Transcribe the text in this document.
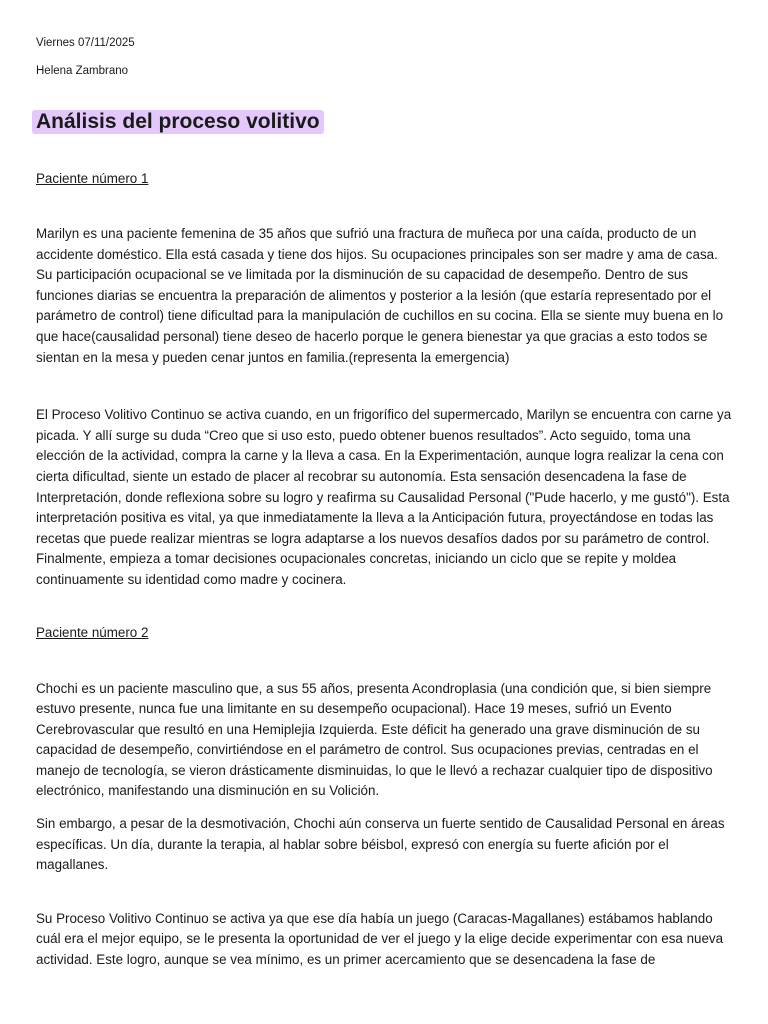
Viernes 07/11/2025

Helena Zambrano

Análisis del proceso volitivo

Paciente número 1

Marilyn es una paciente femenina de 35 años que sufrió una fractura de muñeca por una caída, producto de un accidente doméstico. Ella está casada y tiene dos hijos. Su ocupaciones principales son ser madre y ama de casa. Su participación ocupacional se ve limitada por la disminución de su capacidad de desempeño. Dentro de sus funciones diarias se encuentra la preparación de alimentos y posterior a la lesión (que estaría representado por el parámetro de control) tiene dificultad para la manipulación de cuchillos en su cocina. Ella se siente muy buena en lo que hace(causalidad personal) tiene deseo de hacerlo porque le genera bienestar ya que gracias a esto todos se sientan en la mesa y pueden cenar juntos en familia.(representa la emergencia)

El Proceso Volitivo Continuo se activa cuando, en un frigorífico del supermercado, Marilyn se encuentra con carne ya picada. Y allí surge su duda “Creo que si uso esto, puedo obtener buenos resultados”. Acto seguido, toma una elección de la actividad, compra la carne y la lleva a casa. En la Experimentación, aunque logra realizar la cena con cierta dificultad, siente un estado de placer al recobrar su autonomía. Esta sensación desencadena la fase de Interpretación, donde reflexiona sobre su logro y reafirma su Causalidad Personal ("Pude hacerlo, y me gustó"). Esta interpretación positiva es vital, ya que inmediatamente la lleva a la Anticipación futura, proyectándose en todas las recetas que puede realizar mientras se logra adaptarse a los nuevos desafíos dados por su parámetro de control. Finalmente, empieza a tomar decisiones ocupacionales concretas, iniciando un ciclo que se repite y moldea continuamente su identidad como madre y cocinera.

Paciente número 2

Chochi es un paciente masculino que, a sus 55 años, presenta Acondroplasia (una condición que, si bien siempre estuvo presente, nunca fue una limitante en su desempeño ocupacional). Hace 19 meses, sufrió un Evento Cerebrovascular que resultó en una Hemiplejia Izquierda. Este déficit ha generado una grave disminución de su capacidad de desempeño, convirtiéndose en el parámetro de control. Sus ocupaciones previas, centradas en el manejo de tecnología, se vieron drásticamente disminuidas, lo que le llevó a rechazar cualquier tipo de dispositivo electrónico, manifestando una disminución en su Volición.

Sin embargo, a pesar de la desmotivación, Chochi aún conserva un fuerte sentido de Causalidad Personal en áreas específicas. Un día, durante la terapia, al hablar sobre béisbol, expresó con energía su fuerte afición por el magallanes.

Su Proceso Volitivo Continuo se activa ya que ese día había un juego (Caracas-Magallanes) estábamos hablando cuál era el mejor equipo, se le presenta la oportunidad de ver el juego y la elige decide experimentar con esa nueva actividad. Este logro, aunque se vea mínimo, es un primer acercamiento que se desencadena la fase de
